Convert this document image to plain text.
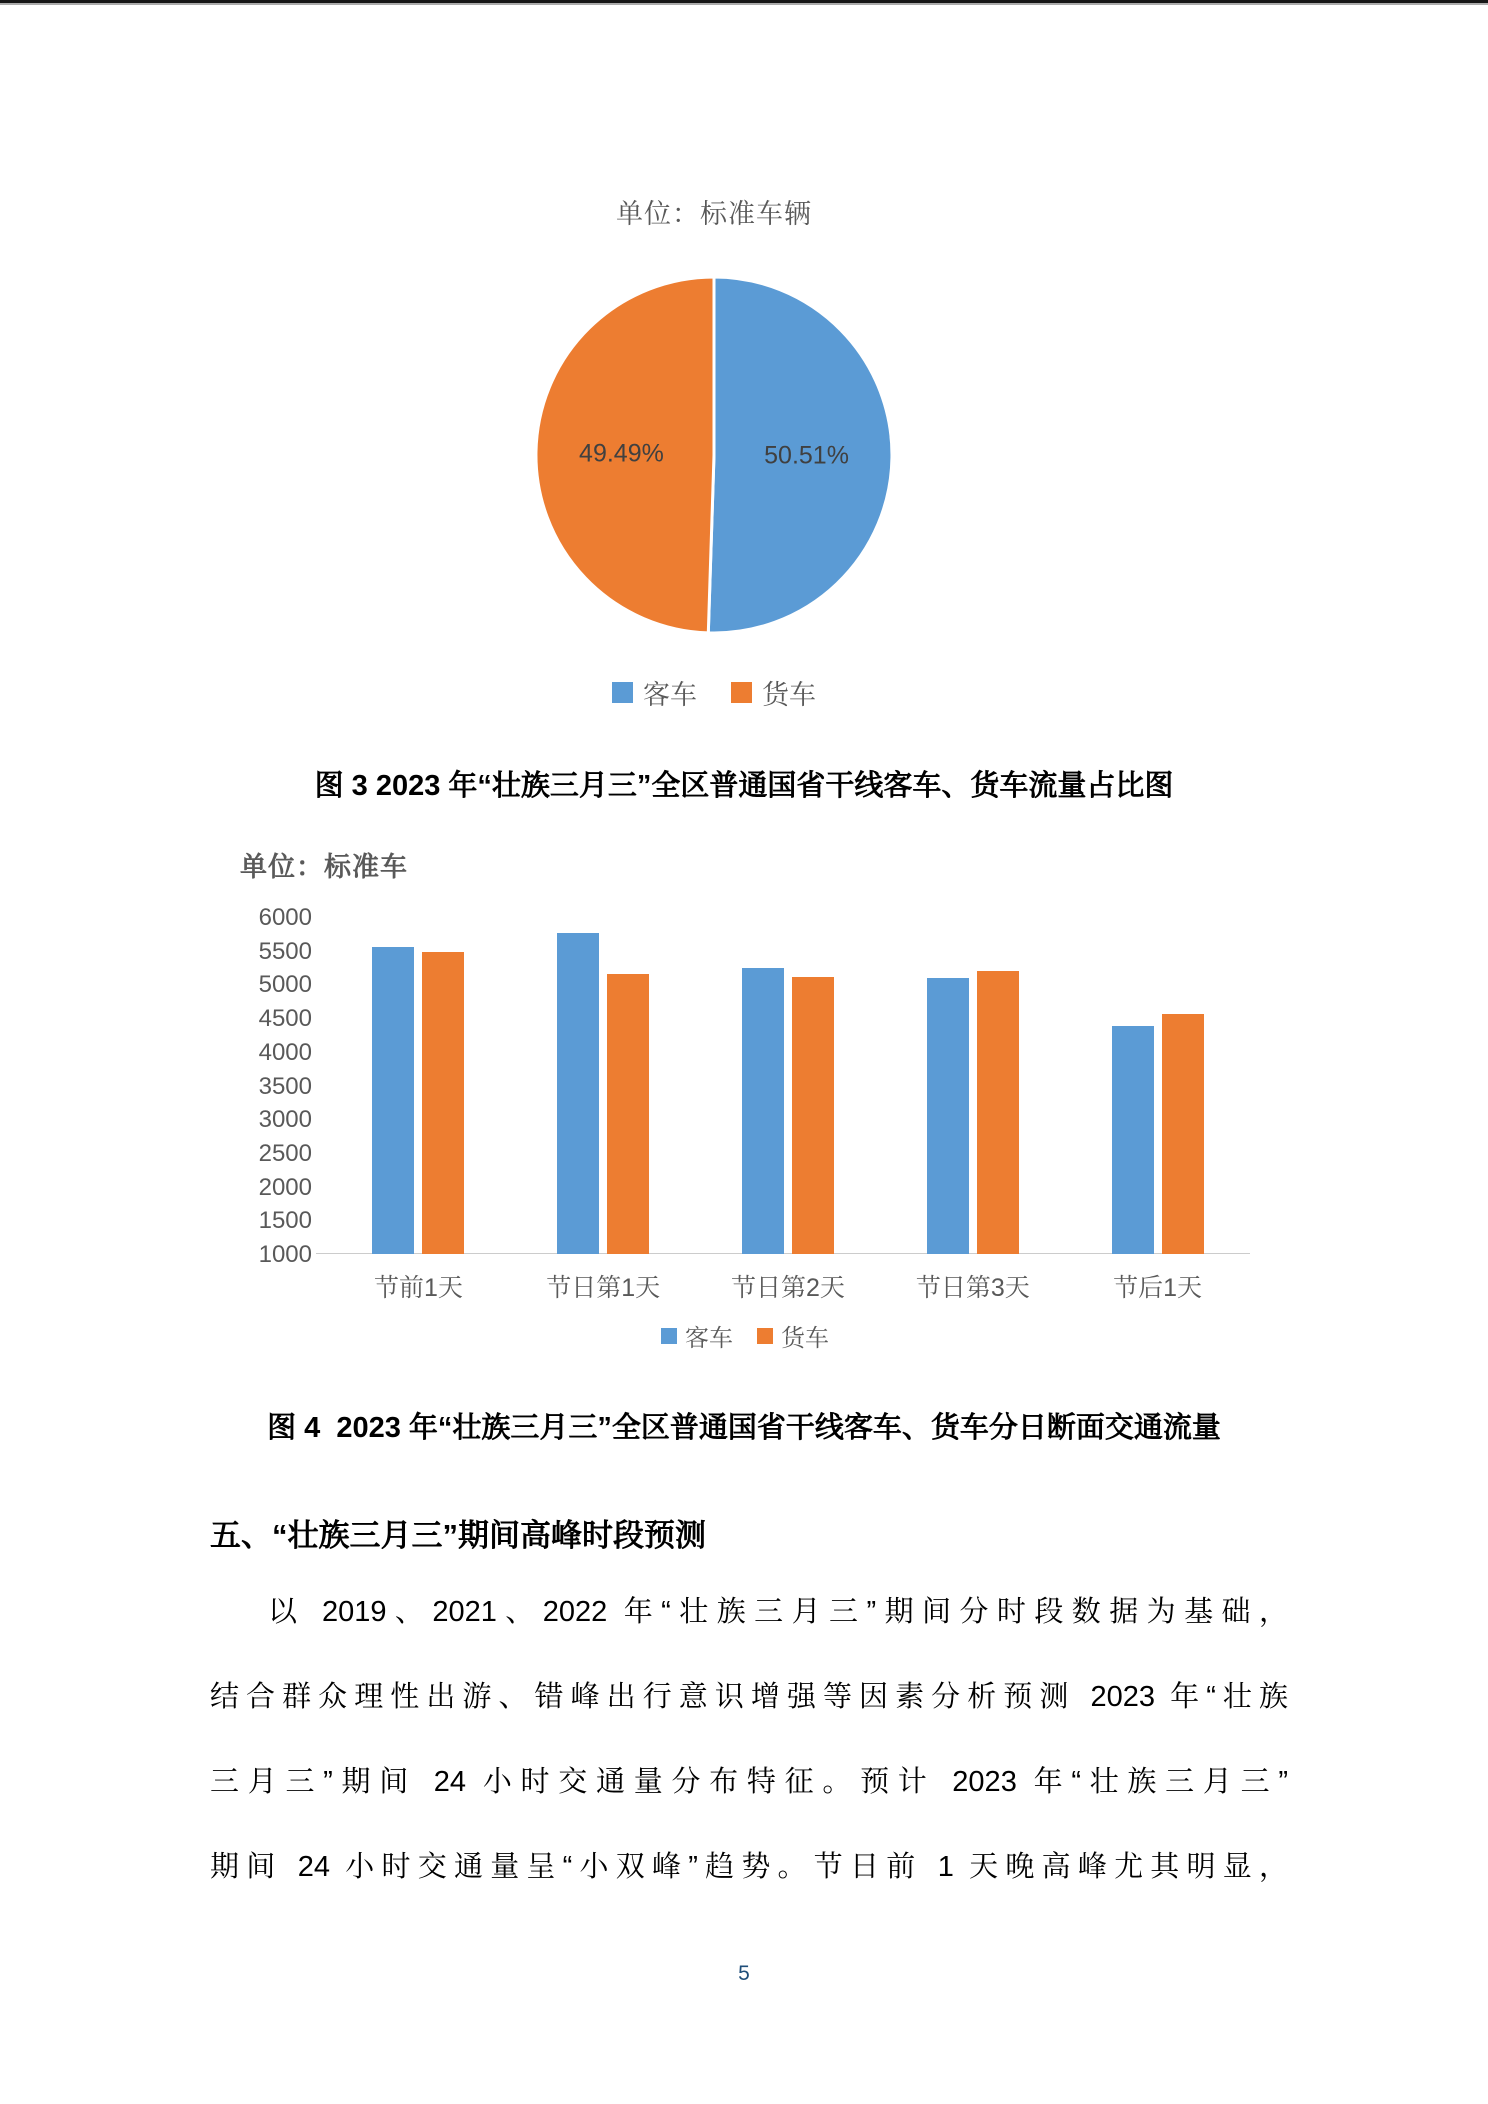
单位：标准车辆
50.51%
49.49%
客车 货车
图 3 2023 年“壮族三月三”全区普通国省干线客车、货车流量占比图
单位：标准车
1000
1500
2000
2500
3000
3500
4000
4500
5000
5500
6000
节前1天	节日第1天	节日第2天	节日第3天	节后1天
客车 货车
图 4  2023 年“壮族三月三”全区普通国省干线客车、货车分日断面交通流量
五、“壮族三月三”期间高峰时段预测
以 2019、2021、2022 年“壮族三月三”期间分时段数据为基础，
结合群众理性出游、错峰出行意识增强等因素分析预测 2023 年“壮族
三月三”期间 24 小时交通量分布特征。预计 2023 年“壮族三月三”
期间 24 小时交通量呈“小双峰”趋势。节日前 1 天晚高峰尤其明显，
5
